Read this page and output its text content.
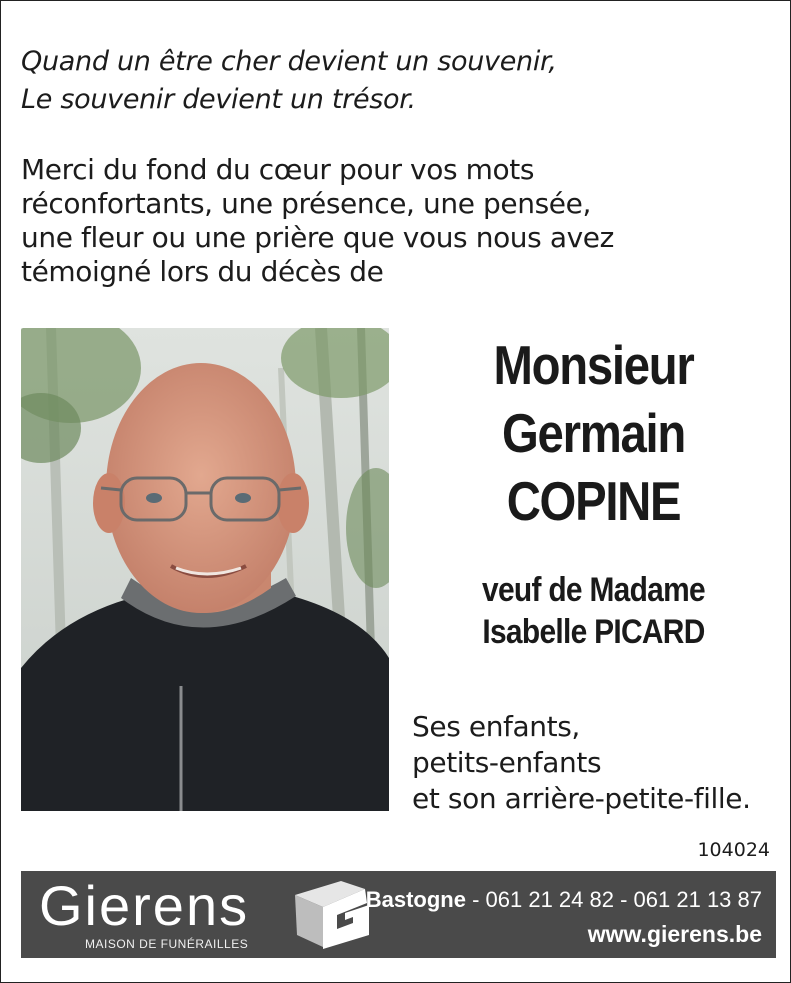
Quand un être cher devient un souvenir,
Le souvenir devient un trésor.
Merci du fond du cœur pour vos mots
réconfortants, une présence, une pensée,
une fleur ou une prière que vous nous avez
témoigné lors du décès de
Monsieur
Germain
COPINE
veuf de Madame
Isabelle PICARD
Ses enfants,
petits-enfants
et son arrière-petite-fille.
104024
Gierens
MAISON DE FUNÉRAILLES
Bastogne - 061 21 24 82 - 061 21 13 87
www.gierens.be
